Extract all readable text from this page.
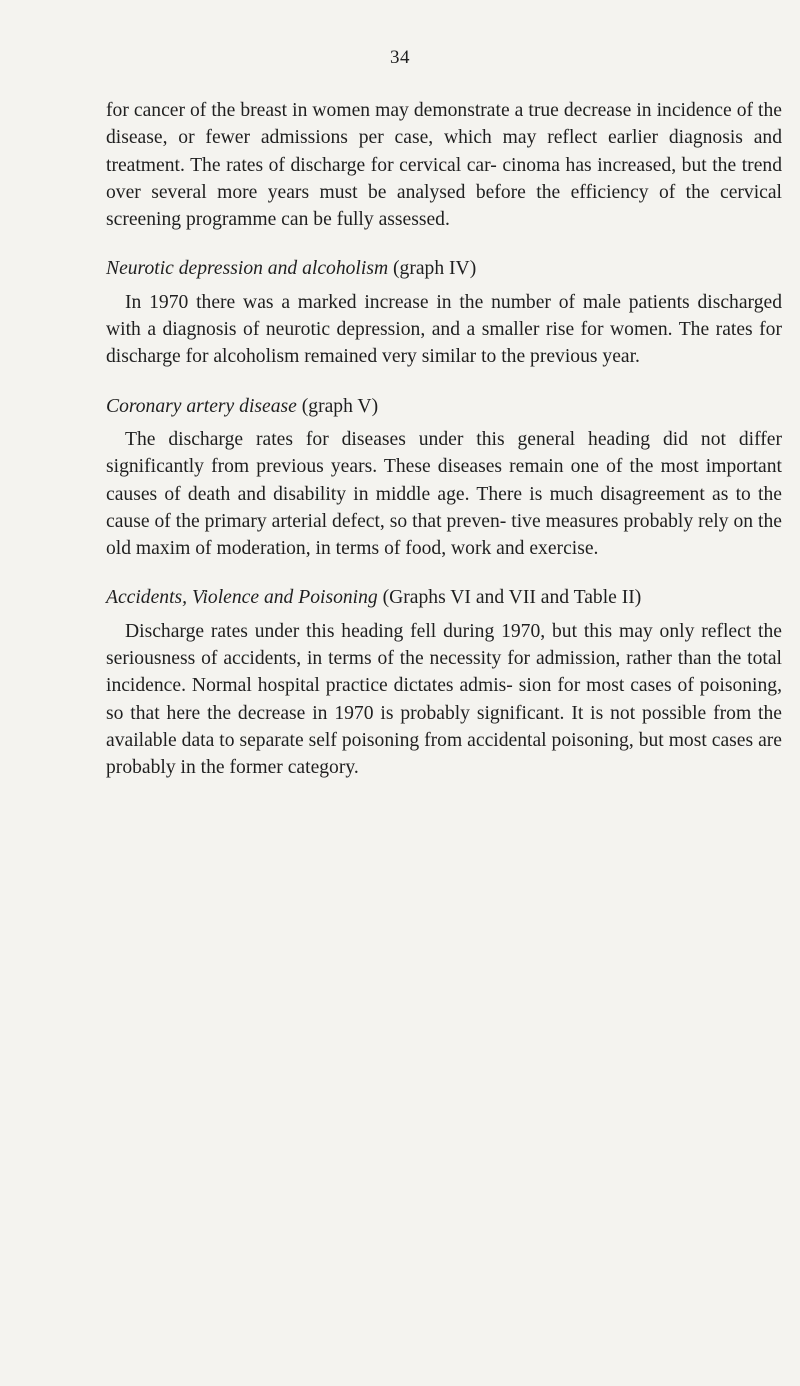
34

for cancer of the breast in women may demonstrate a true decrease in incidence of the disease, or fewer admissions per case, which may reflect earlier diagnosis and treatment. The rates of discharge for cervical car- cinoma has increased, but the trend over several more years must be analysed before the efficiency of the cervical screening programme can be fully assessed.

Neurotic depression and alcoholism (graph IV)

In 1970 there was a marked increase in the number of male patients discharged with a diagnosis of neurotic depression, and a smaller rise for women. The rates for discharge for alcoholism remained very similar to the previous year.

Coronary artery disease (graph V)

The discharge rates for diseases under this general heading did not differ significantly from previous years. These diseases remain one of the most important causes of death and disability in middle age. There is much disagreement as to the cause of the primary arterial defect, so that preven- tive measures probably rely on the old maxim of moderation, in terms of food, work and exercise.

Accidents, Violence and Poisoning (Graphs VI and VII and Table II)

Discharge rates under this heading fell during 1970, but this may only reflect the seriousness of accidents, in terms of the necessity for admission, rather than the total incidence. Normal hospital practice dictates admis- sion for most cases of poisoning, so that here the decrease in 1970 is probably significant. It is not possible from the available data to separate self poisoning from accidental poisoning, but most cases are probably in the former category.
